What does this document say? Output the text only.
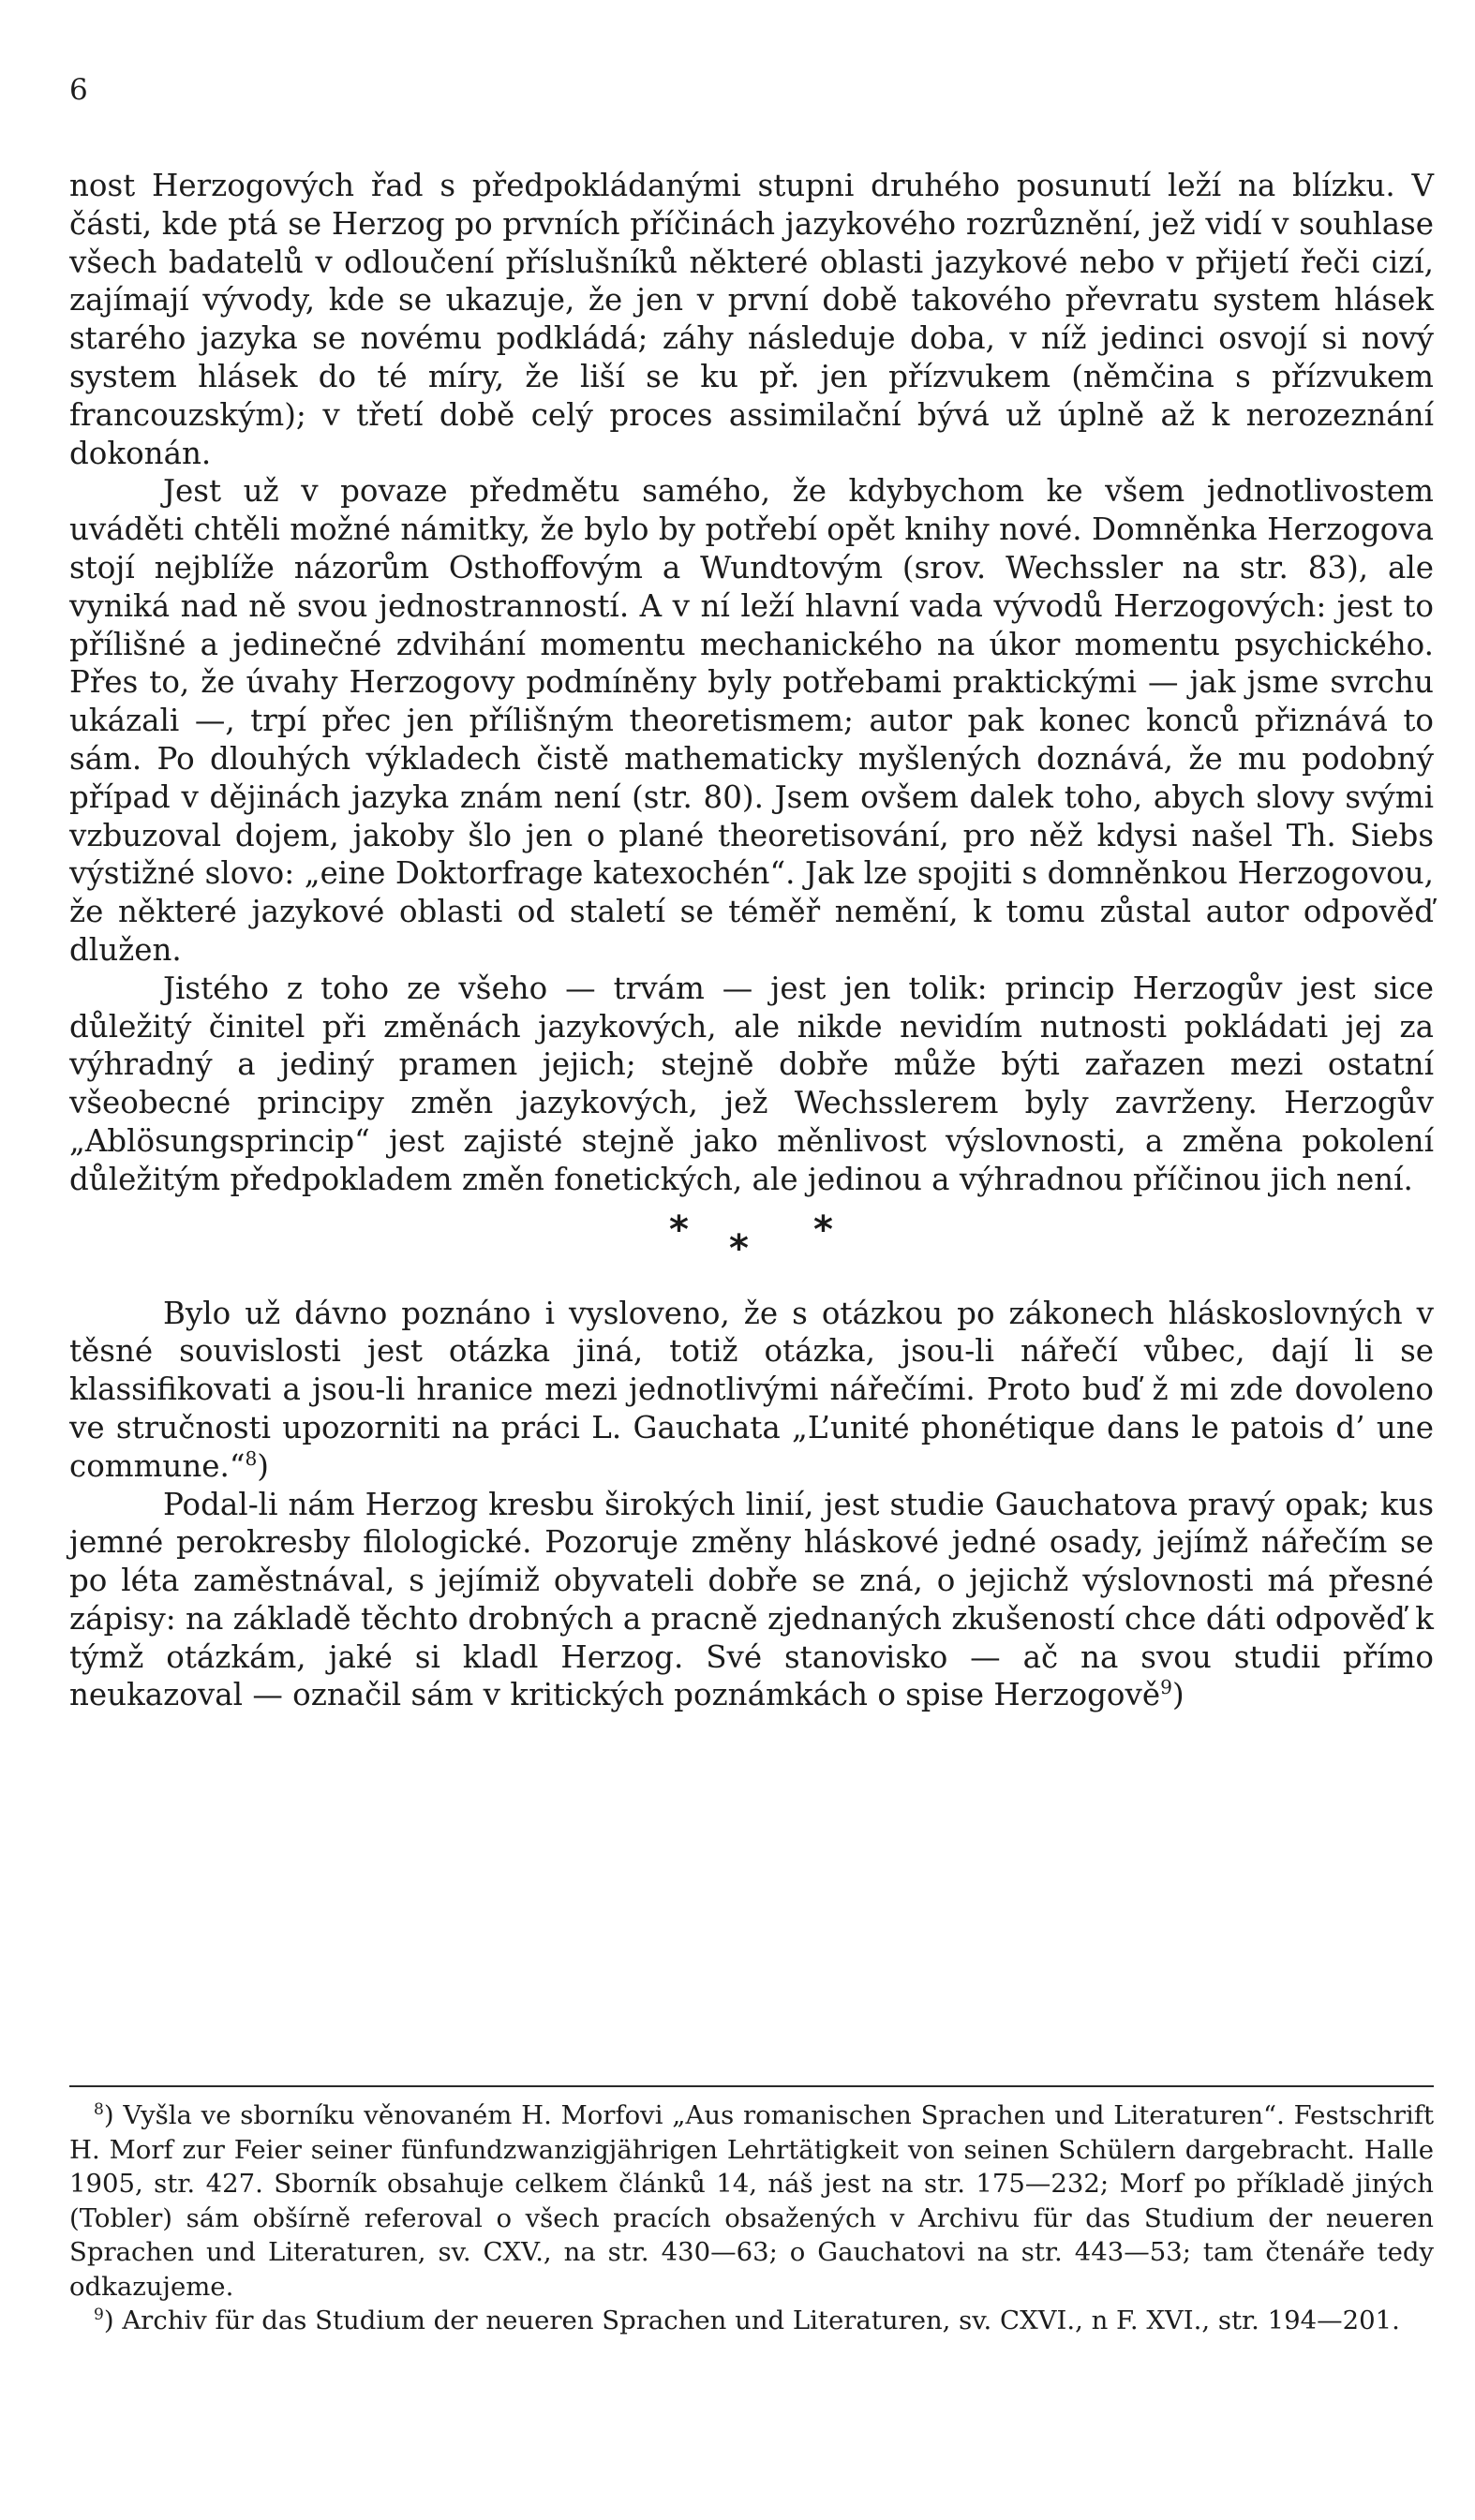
6

nost Herzogových řad s předpokládanými stupni druhého posunutí leží na blízku. V části, kde ptá se Herzog po prvních příčinách jazykového rozrůznění, jež vidí v souhlase všech badatelů v odloučení příslušníků některé oblasti jazykové nebo v přijetí řeči cizí, zajímají vývody, kde se ukazuje, že jen v první době takového převratu system hlásek starého jazyka se novému podkládá; záhy následuje doba, v níž jedinci osvojí si nový system hlásek do té míry, že liší se ku př. jen přízvukem (němčina s přízvukem francouzským); v třetí době celý proces assimilační bývá už úplně až k nerozeznání dokonán.

Jest už v povaze předmětu samého, že kdybychom ke všem jednotlivostem uváděti chtěli možné námitky, že bylo by potřebí opět knihy nové. Domněnka Herzogova stojí nejblíže názorům Osthoffovým a Wundtovým (srov. Wechssler na str. 83), ale vyniká nad ně svou jednostranností. A v ní leží hlavní vada vývodů Herzogových: jest to přílišné a jedinečné zdvihání momentu mechanického na úkor momentu psychického. Přes to, že úvahy Herzogovy podmíněny byly potřebami praktickými — jak jsme svrchu ukázali —, trpí přec jen přílišným theoretismem; autor pak konec konců přiznává to sám. Po dlouhých výkladech čistě mathematicky myšlených doznává, že mu podobný případ v dějinách jazyka znám není (str. 80). Jsem ovšem dalek toho, abych slovy svými vzbuzoval dojem, jakoby šlo jen o plané theoretisování, pro něž kdysi našel Th. Siebs výstižné slovo: „eine Doktorfrage katexochén“. Jak lze spojiti s domněnkou Herzogovou, že některé jazykové oblasti od staletí se téměř nemění, k tomu zůstal autor odpověď dlužen.

Jistého z toho ze všeho — trvám — jest jen tolik: princip Herzogův jest sice důležitý činitel při změnách jazykových, ale nikde nevidím nutnosti pokládati jej za výhradný a jediný pramen jejich; stejně dobře může býti zařazen mezi ostatní všeobecné principy změn jazykových, jež Wechsslerem byly zavrženy. Herzogův „Ablösungsprincip“ jest zajisté stejně jako měnlivost výslovnosti, a změna pokolení důležitým předpokladem změn fonetických, ale jedinou a výhradnou příčinou jich není.

* * *

Bylo už dávno poznáno i vysloveno, že s otázkou po zákonech hláskoslovných v těsné souvislosti jest otázka jiná, totiž otázka, jsou-li nářečí vůbec, dají li se klassifikovati a jsou-li hranice mezi jednotlivými nářečími. Proto buď ž mi zde dovoleno ve stručnosti upozorniti na práci L. Gauchata „L’unité phonétique dans le patois d’ une commune.“$^8$)

Podal-li nám Herzog kresbu širokých linií, jest studie Gauchatova pravý opak; kus jemné perokresby filologické. Pozoruje změny hláskové jedné osady, jejímž nářečím se po léta zaměstnával, s jejímiž obyvateli dobře se zná, o jejichž výslovnosti má přesné zápisy: na základě těchto drobných a pracně zjednaných zkušeností chce dáti odpověď k týmž otázkám, jaké si kladl Herzog. Své stanovisko — ač na svou studii přímo neukazoval — označil sám v kritických poznámkách o spise Herzogově$^9$)

$^8$) Vyšla ve sborníku věnovaném H. Morfovi „Aus romanischen Sprachen und Literaturen“. Festschrift H. Morf zur Feier seiner fünfundzwanzigjährigen Lehrtätigkeit von seinen Schülern dargebracht. Halle 1905, str. 427. Sborník obsahuje celkem článků 14, náš jest na str. 175—232; Morf po příkladě jiných (Tobler) sám obšírně referoval o všech pracích obsažených v Archivu für das Studium der neueren Sprachen und Literaturen, sv. CXV., na str. 430—63; o Gauchatovi na str. 443—53; tam čtenáře tedy odkazujeme.

$^9$) Archiv für das Studium der neueren Sprachen und Literaturen, sv. CXVI., n F. XVI., str. 194—201.
